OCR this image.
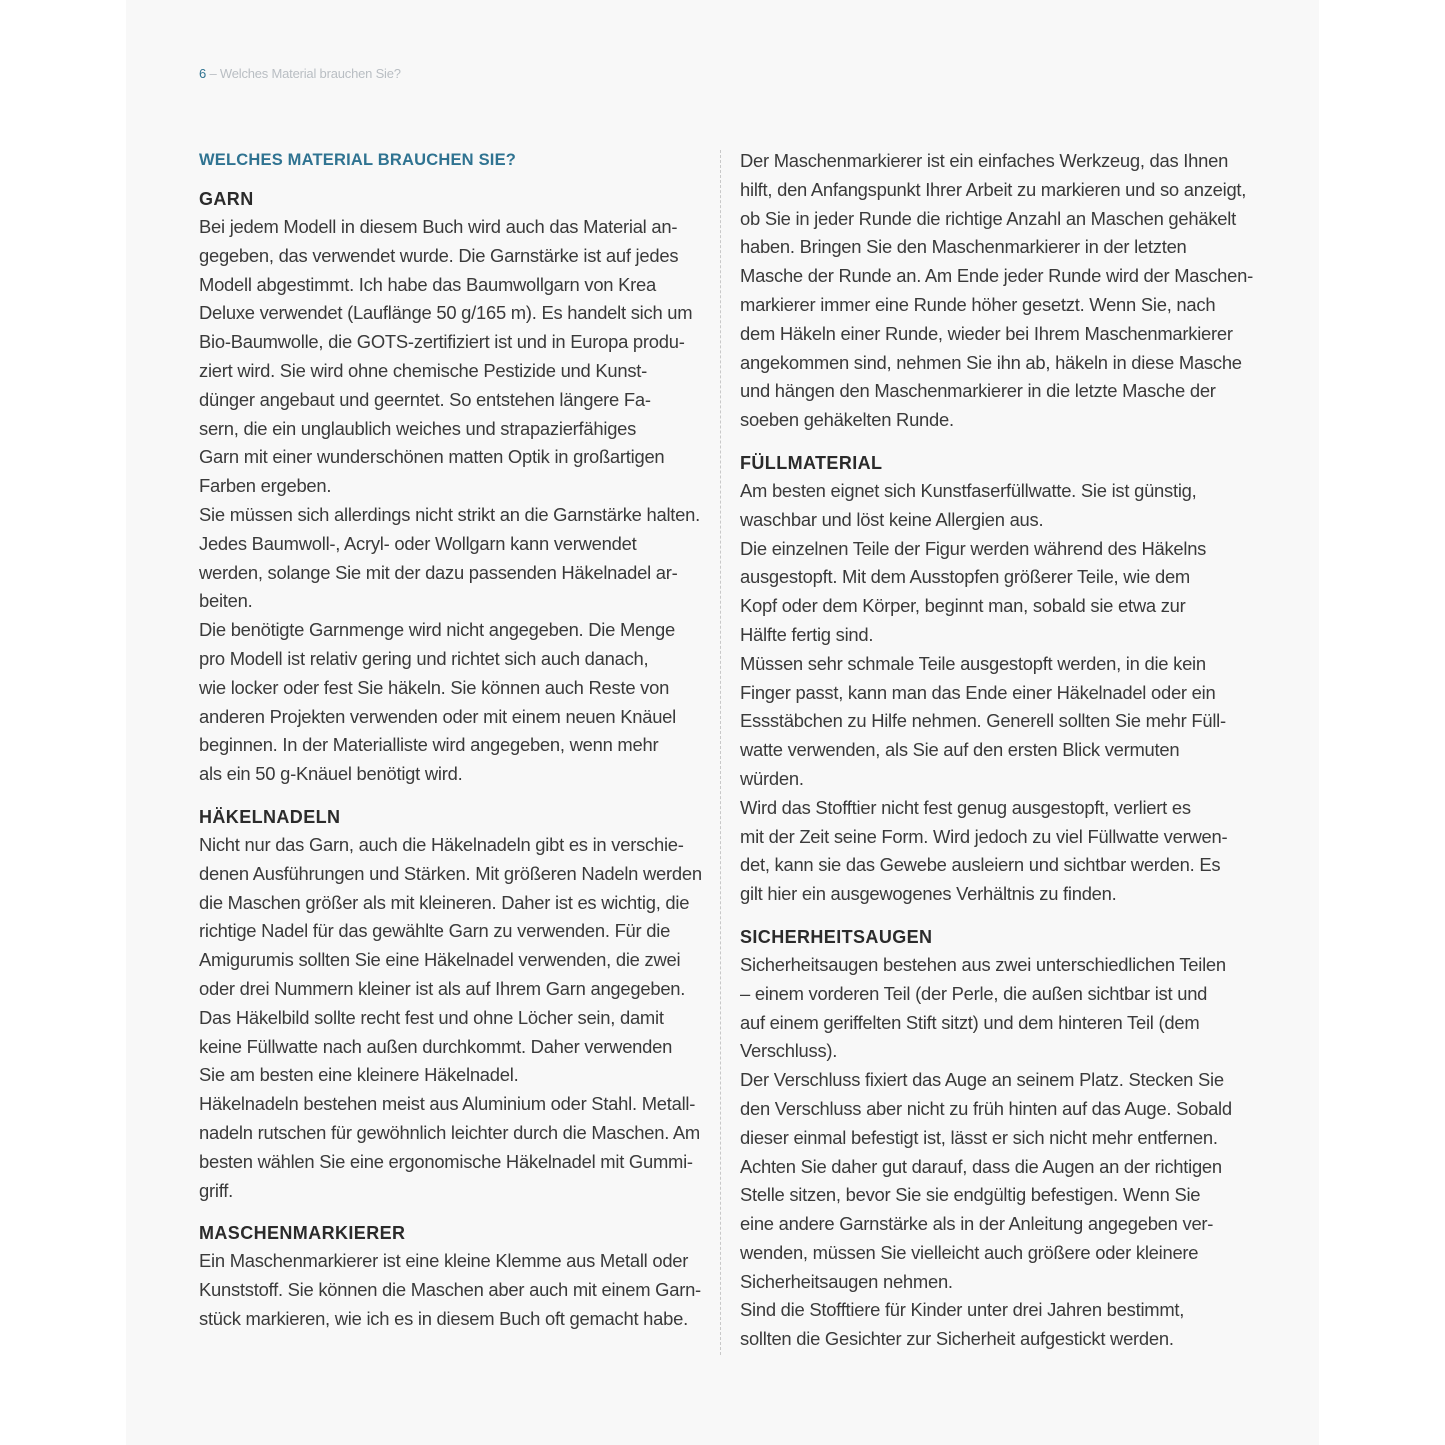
6 – Welches Material brauchen Sie?
WELCHES MATERIAL BRAUCHEN SIE?
GARN
Bei jedem Modell in diesem Buch wird auch das Material an-
gegeben, das verwendet wurde. Die Garnstärke ist auf jedes
Modell abgestimmt. Ich habe das Baumwollgarn von Krea
Deluxe verwendet (Lauflänge 50 g/165 m). Es handelt sich um
Bio-Baumwolle, die GOTS-zertifiziert ist und in Europa produ-
ziert wird. Sie wird ohne chemische Pestizide und Kunst-
dünger angebaut und geerntet. So entstehen längere Fa-
sern, die ein unglaublich weiches und strapazierfähiges
Garn mit einer wunderschönen matten Optik in großartigen
Farben ergeben.
Sie müssen sich allerdings nicht strikt an die Garnstärke halten.
Jedes Baumwoll-, Acryl- oder Wollgarn kann verwendet
werden, solange Sie mit der dazu passenden Häkelnadel ar-
beiten.
Die benötigte Garnmenge wird nicht angegeben. Die Menge
pro Modell ist relativ gering und richtet sich auch danach,
wie locker oder fest Sie häkeln. Sie können auch Reste von
anderen Projekten verwenden oder mit einem neuen Knäuel
beginnen. In der Materialliste wird angegeben, wenn mehr
als ein 50 g-Knäuel benötigt wird.
HÄKELNADELN
Nicht nur das Garn, auch die Häkelnadeln gibt es in verschie-
denen Ausführungen und Stärken. Mit größeren Nadeln werden
die Maschen größer als mit kleineren. Daher ist es wichtig, die
richtige Nadel für das gewählte Garn zu verwenden. Für die
Amigurumis sollten Sie eine Häkelnadel verwenden, die zwei
oder drei Nummern kleiner ist als auf Ihrem Garn angegeben.
Das Häkelbild sollte recht fest und ohne Löcher sein, damit
keine Füllwatte nach außen durchkommt. Daher verwenden
Sie am besten eine kleinere Häkelnadel.
Häkelnadeln bestehen meist aus Aluminium oder Stahl. Metall-
nadeln rutschen für gewöhnlich leichter durch die Maschen. Am
besten wählen Sie eine ergonomische Häkelnadel mit Gummi-
griff.
MASCHENMARKIERER
Ein Maschenmarkierer ist eine kleine Klemme aus Metall oder
Kunststoff. Sie können die Maschen aber auch mit einem Garn-
stück markieren, wie ich es in diesem Buch oft gemacht habe.
Der Maschenmarkierer ist ein einfaches Werkzeug, das Ihnen
hilft, den Anfangspunkt Ihrer Arbeit zu markieren und so anzeigt,
ob Sie in jeder Runde die richtige Anzahl an Maschen gehäkelt
haben. Bringen Sie den Maschenmarkierer in der letzten
Masche der Runde an. Am Ende jeder Runde wird der Maschen-
markierer immer eine Runde höher gesetzt. Wenn Sie, nach
dem Häkeln einer Runde, wieder bei Ihrem Maschenmarkierer
angekommen sind, nehmen Sie ihn ab, häkeln in diese Masche
und hängen den Maschenmarkierer in die letzte Masche der
soeben gehäkelten Runde.
FÜLLMATERIAL
Am besten eignet sich Kunstfaserfüllwatte. Sie ist günstig,
waschbar und löst keine Allergien aus.
Die einzelnen Teile der Figur werden während des Häkelns
ausgestopft. Mit dem Ausstopfen größerer Teile, wie dem
Kopf oder dem Körper, beginnt man, sobald sie etwa zur
Hälfte fertig sind.
Müssen sehr schmale Teile ausgestopft werden, in die kein
Finger passt, kann man das Ende einer Häkelnadel oder ein
Essstäbchen zu Hilfe nehmen. Generell sollten Sie mehr Füll-
watte verwenden, als Sie auf den ersten Blick vermuten
würden.
Wird das Stofftier nicht fest genug ausgestopft, verliert es
mit der Zeit seine Form. Wird jedoch zu viel Füllwatte verwen-
det, kann sie das Gewebe ausleiern und sichtbar werden. Es
gilt hier ein ausgewogenes Verhältnis zu finden.
SICHERHEITSAUGEN
Sicherheitsaugen bestehen aus zwei unterschiedlichen Teilen
– einem vorderen Teil (der Perle, die außen sichtbar ist und
auf einem geriffelten Stift sitzt) und dem hinteren Teil (dem
Verschluss).
Der Verschluss fixiert das Auge an seinem Platz. Stecken Sie
den Verschluss aber nicht zu früh hinten auf das Auge. Sobald
dieser einmal befestigt ist, lässt er sich nicht mehr entfernen.
Achten Sie daher gut darauf, dass die Augen an der richtigen
Stelle sitzen, bevor Sie sie endgültig befestigen. Wenn Sie
eine andere Garnstärke als in der Anleitung angegeben ver-
wenden, müssen Sie vielleicht auch größere oder kleinere
Sicherheitsaugen nehmen.
Sind die Stofftiere für Kinder unter drei Jahren bestimmt,
sollten die Gesichter zur Sicherheit aufgestickt werden.
